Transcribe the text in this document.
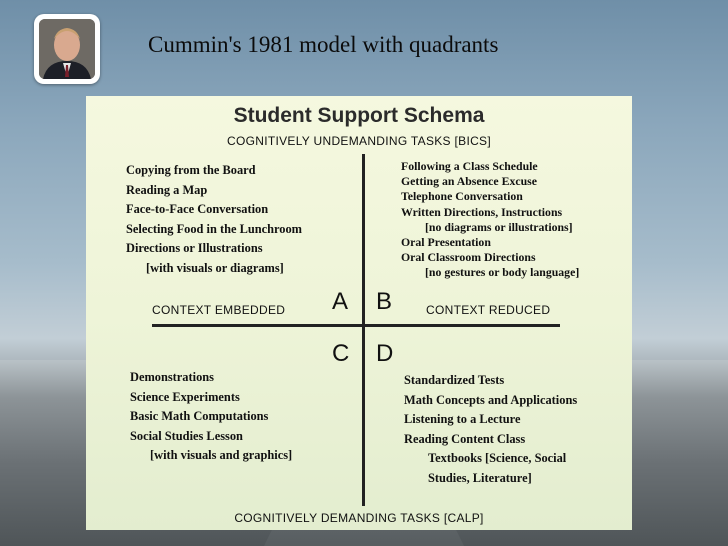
Cummin's 1981 model with quadrants
Student Support Schema
COGNITIVELY UNDEMANDING TASKS [BICS]
CONTEXT EMBEDDED	CONTEXT REDUCED
A B
C D
Copying from the Board
Reading a Map
Face-to-Face Conversation
Selecting Food in the Lunchroom
Directions or Illustrations
[with visuals or diagrams]
Following a Class Schedule
Getting an Absence Excuse
Telephone Conversation
Written Directions, Instructions
[no diagrams or illustrations]
Oral Presentation
Oral Classroom Directions
[no gestures or body language]
Demonstrations
Science Experiments
Basic Math Computations
Social Studies Lesson
[with visuals and graphics]
Standardized Tests
Math Concepts and Applications
Listening to a Lecture
Reading Content Class
Textbooks [Science, Social
Studies, Literature]
COGNITIVELY DEMANDING TASKS [CALP]
